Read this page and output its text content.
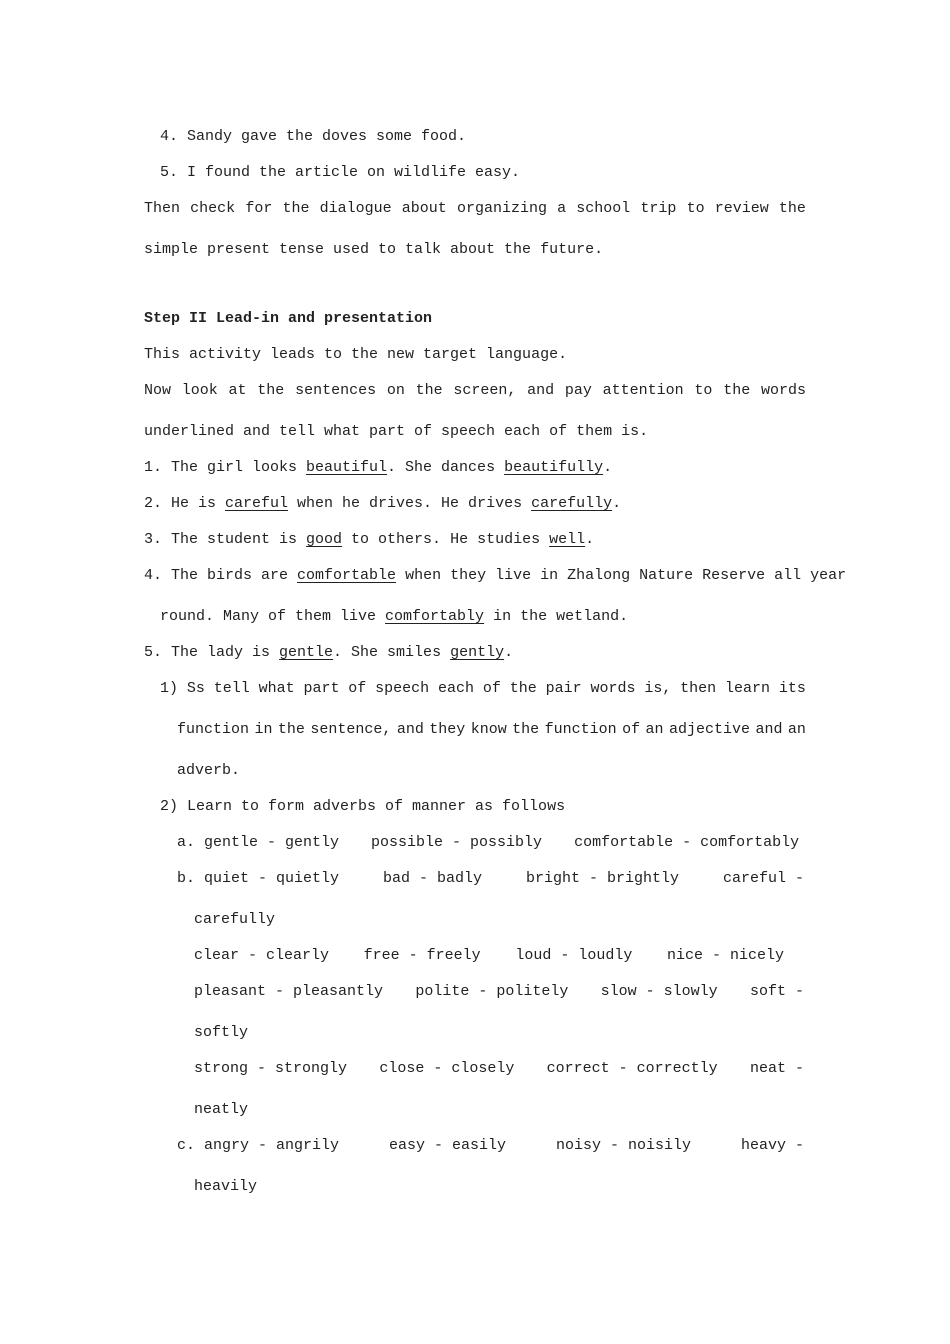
4. Sandy gave the doves some food.
5. I found the article on wildlife easy.
Then check for the dialogue about organizing a school trip to review the
simple present tense used to talk about the future.
Step II Lead-in and presentation
This activity leads to the new target language.
Now look at the sentences on the screen, and pay attention to the words
underlined and tell what part of speech each of them is.
1. The girl looks beautiful. She dances beautifully.
2. He is careful when he drives. He drives carefully.
3. The student is good to others. He studies well.
4. The birds are comfortable when they live in Zhalong Nature Reserve all year
round. Many of them live comfortably in the wetland.
5. The lady is gentle. She smiles gently.
1) Ss tell what part of speech each of the pair words is, then learn its
function in the sentence, and they know the function of an adjective and an
adverb.
2) Learn to form adverbs of manner as follows
a. gentle - gently possible - possibly comfortable - comfortably
b. quiet - quietly	bad - badly	bright - brightly	careful -
carefully
clear - clearly free - freely loud - loudly nice - nicely
pleasant - pleasantly polite - politely slow - slowly soft -
softly
strong - strongly close - closely correct - correctly neat -
neatly
c. angry - angrily	easy - easily	noisy - noisily	heavy -
heavily
